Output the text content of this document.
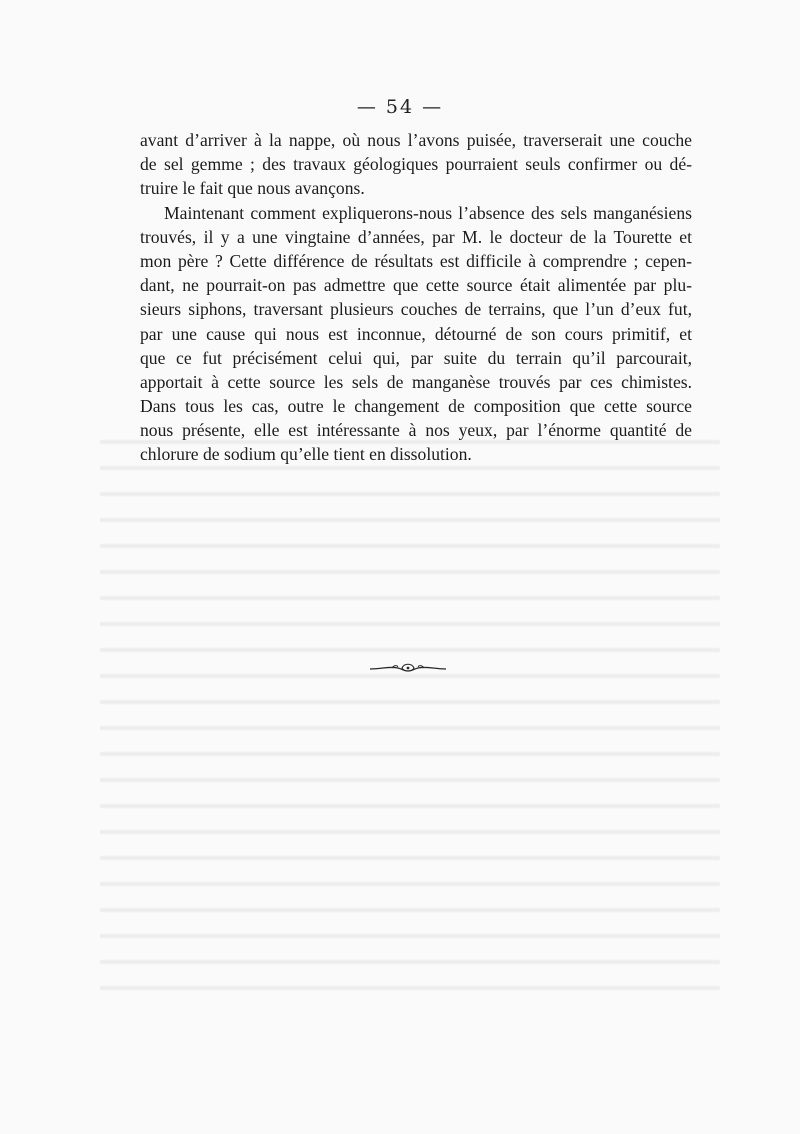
— 54 —
avant d’arriver à la nappe, où nous l’avons puisée, traverserait une couche
de sel gemme ; des travaux géologiques pourraient seuls confirmer ou dé-
truire le fait que nous avançons.
Maintenant comment expliquerons-nous l’absence des sels manganésiens
trouvés, il y a une vingtaine d’années, par M. le docteur de la Tourette et
mon père ? Cette différence de résultats est difficile à comprendre ; cepen-
dant, ne pourrait-on pas admettre que cette source était alimentée par plu-
sieurs siphons, traversant plusieurs couches de terrains, que l’un d’eux fut,
par une cause qui nous est inconnue, détourné de son cours primitif, et
que ce fut précisément celui qui, par suite du terrain qu’il parcourait,
apportait à cette source les sels de manganèse trouvés par ces chimistes.
Dans tous les cas, outre le changement de composition que cette source
nous présente, elle est intéressante à nos yeux, par l’énorme quantité de
chlorure de sodium qu’elle tient en dissolution.
